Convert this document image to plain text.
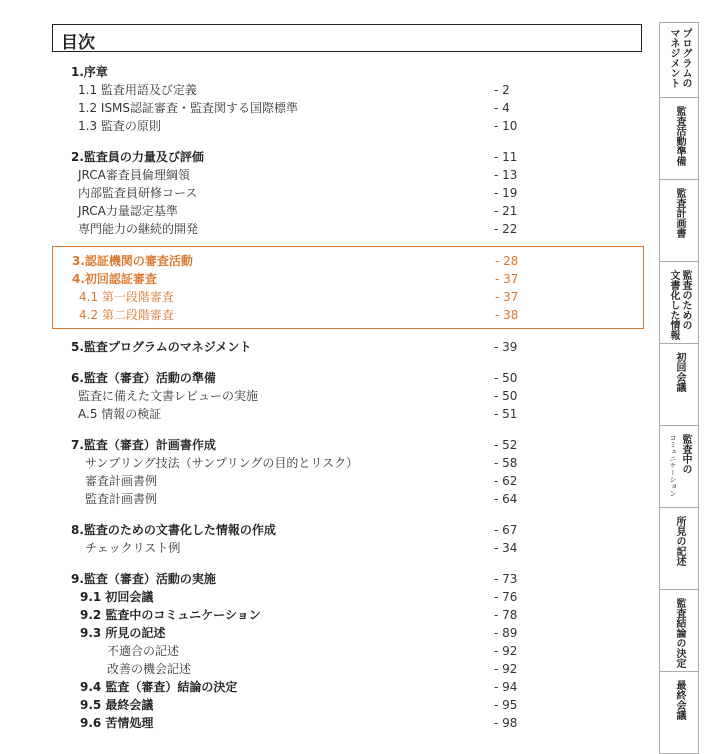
目次
1.序章
1.1 監査用語及び定義	- 2
1.2 ISMS認証審査・監査関する国際標準	- 4
1.3 監査の原則	- 10
2.監査員の力量及び評価	- 11
JRCA審査員倫理綱領	- 13
内部監査員研修コース	- 19
JRCA力量認定基準	- 21
専門能力の継続的開発	- 22
3.認証機関の審査活動	- 28
4.初回認証審査	- 37
4.1 第一段階審査	- 37
4.2 第二段階審査	- 38
5.監査プログラムのマネジメント	- 39
6.監査（審査）活動の準備	- 50
監査に備えた文書レビューの実施	- 50
A.5 情報の検証	- 51
7.監査（審査）計画書作成	- 52
サンプリング技法（サンプリングの目的とリスク）	- 58
審査計画書例	- 62
監査計画書例	- 64
8.監査のための文書化した情報の作成	- 67
チェックリスト例	- 34
9.監査（審査）活動の実施	- 73
9.1 初回会議	- 76
9.2 監査中のコミュニケーション	- 78
9.3 所見の記述	- 89
不適合の記述	- 92
改善の機会記述	- 92
9.4 監査（審査）結論の決定	- 94
9.5 最終会議	- 95
9.6 苦情処理	- 98
プログラムの
マネジメント
監査活動準備
監査計画書
監査のための
文書化した情報
初回会議
監査中の
コミュニケーション
所見の記述
監査結論の決定
最終会議
